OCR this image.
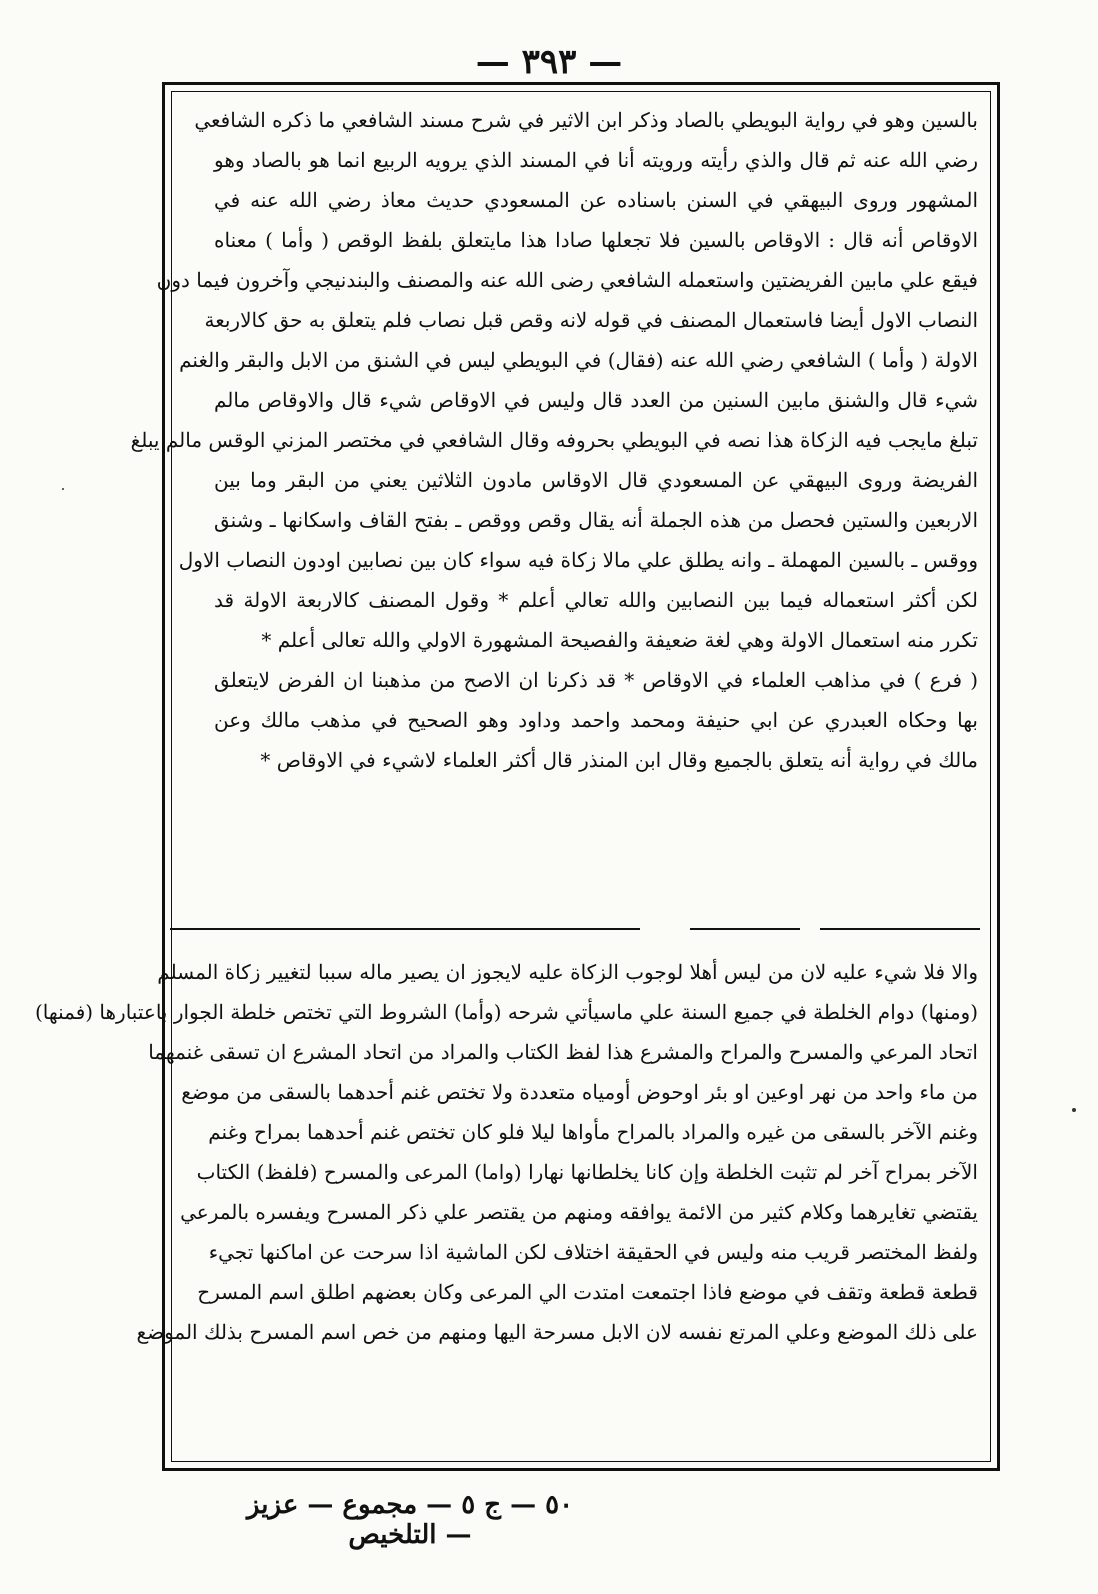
— ٣٩٣ —
بالسين وهو في رواية البويطي بالصاد وذكر ابن الاثير في شرح مسند الشافعي ما ذكره الشافعي
رضي الله عنه ثم قال والذي رأيته ورويته أنا في المسند الذي يرويه الربيع انما هو بالصاد وهو
المشهور وروى البيهقي في السنن باسناده عن المسعودي حديث معاذ رضي الله عنه في
الاوقاص أنه قال : الاوقاص بالسين فلا تجعلها صادا هذا مايتعلق بلفظ الوقص ( وأما ) معناه
فيقع علي مابين الفريضتين واستعمله الشافعي رضى الله عنه والمصنف والبندنيجي وآخرون فيما دون
النصاب الاول أيضا فاستعمال المصنف في قوله لانه وقص قبل نصاب فلم يتعلق به حق كالاربعة
الاولة ( وأما ) الشافعي رضي الله عنه (فقال) في البويطي ليس في الشنق من الابل والبقر والغنم
شيء قال والشنق مابين السنين من العدد قال وليس في الاوقاص شيء قال والاوقاص مالم
تبلغ مايجب فيه الزكاة هذا نصه في البويطي بحروفه وقال الشافعي في مختصر المزني الوقس مالم يبلغ
الفريضة وروى البيهقي عن المسعودي قال الاوقاس مادون الثلاثين يعني من البقر وما بين
الاربعين والستين فحصل من هذه الجملة أنه يقال وقص ووقص ـ بفتح القاف واسكانها ـ وشنق
ووقس ـ بالسين المهملة ـ وانه يطلق علي مالا زكاة فيه سواء كان بين نصابين اودون النصاب الاول
لكن أكثر استعماله فيما بين النصابين والله تعالي أعلم * وقول المصنف كالاربعة الاولة قد
تكرر منه استعمال الاولة وهي لغة ضعيفة والفصيحة المشهورة الاولي والله تعالى أعلم *
( فرع ) في مذاهب العلماء في الاوقاص * قد ذكرنا ان الاصح من مذهبنا ان الفرض لايتعلق
بها وحكاه العبدري عن ابي حنيفة ومحمد واحمد وداود وهو الصحيح في مذهب مالك وعن
مالك في رواية أنه يتعلق بالجميع وقال ابن المنذر قال أكثر العلماء لاشيء في الاوقاص *
والا فلا شيء عليه لان من ليس أهلا لوجوب الزكاة عليه لايجوز ان يصير ماله سببا لتغيير زكاة المسلم
(ومنها) دوام الخلطة في جميع السنة علي ماسيأتي شرحه (وأما) الشروط التي تختص خلطة الجوار باعتبارها (فمنها)
اتحاد المرعي والمسرح والمراح والمشرع هذا لفظ الكتاب والمراد من اتحاد المشرع ان تسقى غنمهما
من ماء واحد من نهر اوعين او بئر اوحوض أومياه متعددة ولا تختص غنم أحدهما بالسقى من موضع
وغنم الآخر بالسقى من غيره والمراد بالمراح مأواها ليلا فلو كان تختص غنم أحدهما بمراح وغنم
الآخر بمراح آخر لم تثبت الخلطة وإن كانا يخلطانها نهارا (واما) المرعى والمسرح (فلفظ) الكتاب
يقتضي تغايرهما وكلام كثير من الائمة يوافقه ومنهم من يقتصر علي ذكر المسرح ويفسره بالمرعي
ولفظ المختصر قريب منه وليس في الحقيقة اختلاف لكن الماشية اذا سرحت عن اماكنها تجيء
قطعة قطعة وتقف في موضع فاذا اجتمعت امتدت الي المرعى وكان بعضهم اطلق اسم المسرح
على ذلك الموضع وعلي المرتع نفسه لان الابل مسرحة اليها ومنهم من خص اسم المسرح بذلك الموضع
٥٠ — ج ٥ — مجموع — عزيز — التلخيص
